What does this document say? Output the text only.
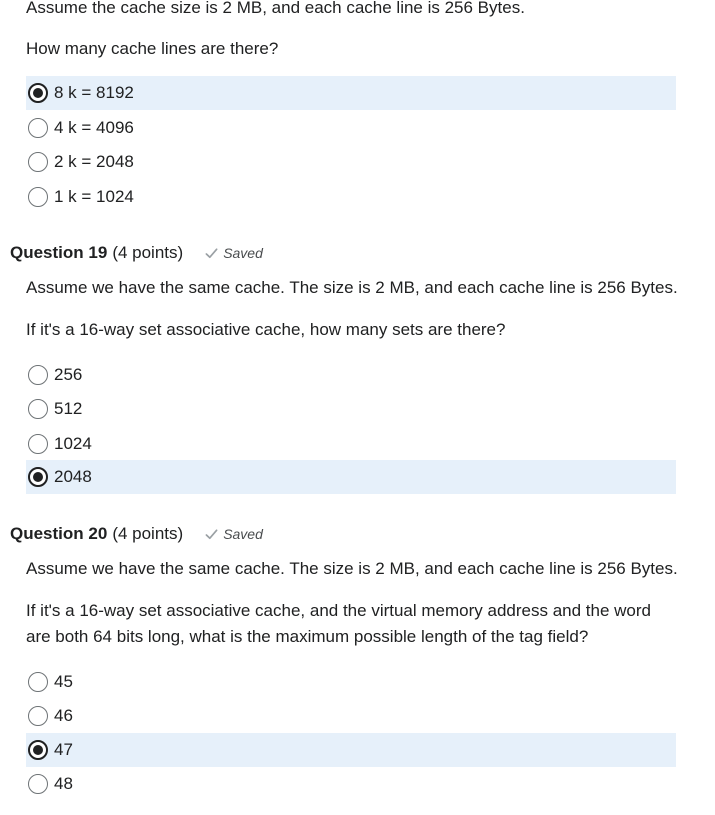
Assume the cache size is 2 MB, and each cache line is 256 Bytes.
How many cache lines are there?
8 k = 8192
4 k = 4096
2 k = 2048
1 k = 1024
Question 19 (4 points)	Saved
Assume we have the same cache. The size is 2 MB, and each cache line is 256 Bytes.
If it's a 16-way set associative cache, how many sets are there?
256
512
1024
2048
Question 20 (4 points)	Saved
Assume we have the same cache. The size is 2 MB, and each cache line is 256 Bytes.
If it's a 16-way set associative cache, and the virtual memory address and the word are both 64 bits long, what is the maximum possible length of the tag field?
45
46
47
48
